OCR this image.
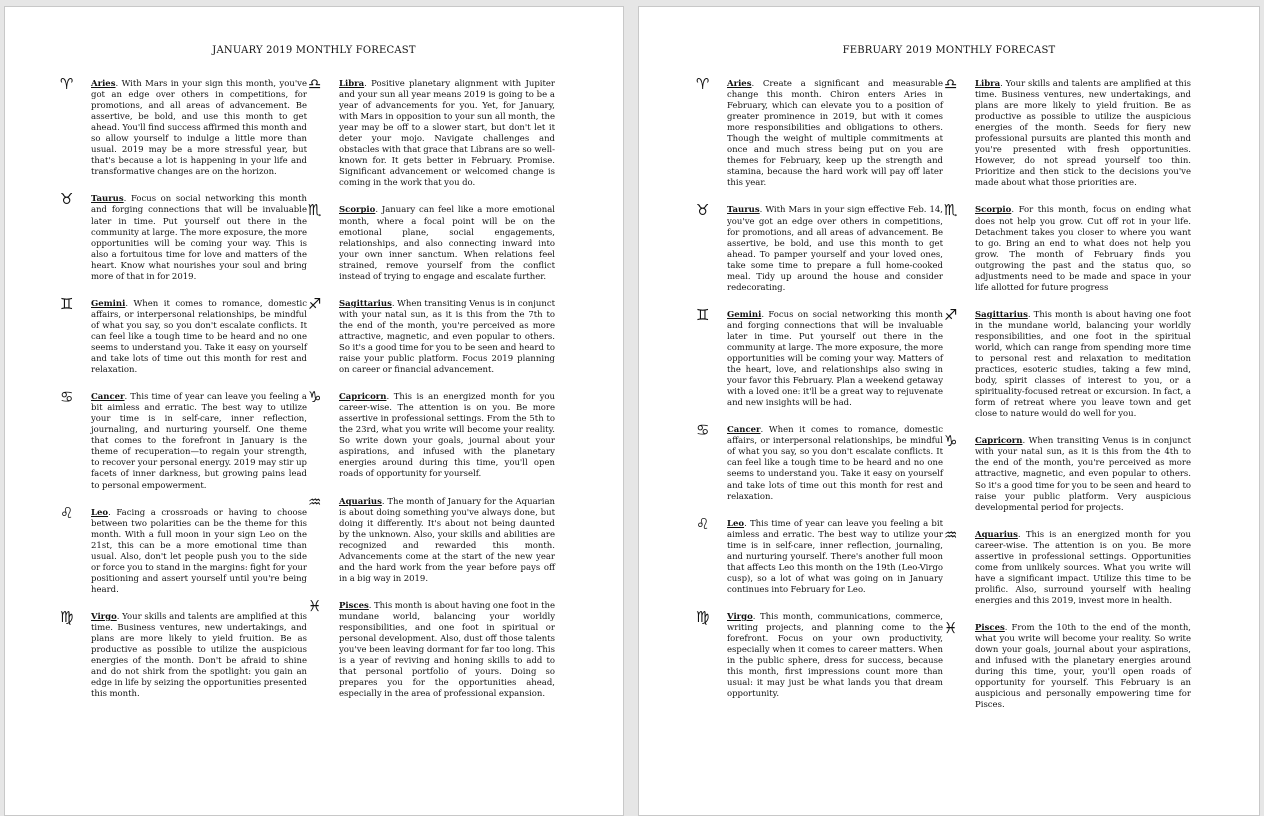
JANUARY 2019 MONTHLY FORECAST
♈︎ Aries. With Mars in your sign this month, you've got an edge over others in competitions, for promotions, and all areas of advancement. Be assertive, be bold, and use this month to get ahead. You'll find success affirmed this month and so allow yourself to indulge a little more than usual. 2019 may be a more stressful year, but that's because a lot is happening in your life and transformative changes are on the horizon.

♉︎ Taurus. Focus on social networking this month and forging connections that will be invaluable later in time. Put yourself out there in the community at large. The more exposure, the more opportunities will be coming your way. This is also a fortuitous time for love and matters of the heart. Know what nourishes your soul and bring more of that in for 2019.

♊︎ Gemini. When it comes to romance, domestic affairs, or interpersonal relationships, be mindful of what you say, so you don't escalate conflicts. It can feel like a tough time to be heard and no one seems to understand you. Take it easy on yourself and take lots of time out this month for rest and relaxation.

♋︎ Cancer. This time of year can leave you feeling a bit aimless and erratic. The best way to utilize your time is in self-care, inner reflection, journaling, and nurturing yourself. One theme that comes to the forefront in January is the theme of recuperation—to regain your strength, to recover your personal energy. 2019 may stir up facets of inner darkness, but growing pains lead to personal empowerment.

♌︎ Leo. Facing a crossroads or having to choose between two polarities can be the theme for this month. With a full moon in your sign Leo on the 21st, this can be a more emotional time than usual. Also, don't let people push you to the side or force you to stand in the margins: fight for your positioning and assert yourself until you're being heard.

♍︎ Virgo. Your skills and talents are amplified at this time. Business ventures, new undertakings, and plans are more likely to yield fruition. Be as productive as possible to utilize the auspicious energies of the month. Don't be afraid to shine and do not shirk from the spotlight: you gain an edge in life by seizing the opportunities presented this month.

♎︎ Libra. Positive planetary alignment with Jupiter and your sun all year means 2019 is going to be a year of advancements for you. Yet, for January, with Mars in opposition to your sun all month, the year may be off to a slower start, but don't let it deter your mojo. Navigate challenges and obstacles with that grace that Librans are so well-known for. It gets better in February. Promise. Significant advancement or welcomed change is coming in the work that you do.

♏︎ Scorpio. January can feel like a more emotional month, where a focal point will be on the emotional plane, social engagements, relationships, and also connecting inward into your own inner sanctum. When relations feel strained, remove yourself from the conflict instead of trying to engage and escalate further.

♐︎ Sagittarius. When transiting Venus is in conjunct with your natal sun, as it is this from the 7th to the end of the month, you're perceived as more attractive, magnetic, and even popular to others. So it's a good time for you to be seen and heard to raise your public platform. Focus 2019 planning on career or financial advancement.

♑︎ Capricorn. This is an energized month for you career-wise. The attention is on you. Be more assertive in professional settings. From the 5th to the 23rd, what you write will become your reality. So write down your goals, journal about your aspirations, and infused with the planetary energies around during this time, you'll open roads of opportunity for yourself.

♒︎ Aquarius. The month of January for the Aquarian is about doing something you've always done, but doing it differently. It's about not being daunted by the unknown. Also, your skills and abilities are recognized and rewarded this month. Advancements come at the start of the new year and the hard work from the year before pays off in a big way in 2019.

♓︎ Pisces. This month is about having one foot in the mundane world, balancing your worldly responsibilities, and one foot in spiritual or personal development. Also, dust off those talents you've been leaving dormant for far too long. This is a year of reviving and honing skills to add to that personal portfolio of yours. Doing so prepares you for the opportunities ahead, especially in the area of professional expansion.

FEBRUARY 2019 MONTHLY FORECAST
♈︎ Aries. Create a significant and measurable change this month. Chiron enters Aries in February, which can elevate you to a position of greater prominence in 2019, but with it comes more responsibilities and obligations to others. Though the weight of multiple commitments at once and much stress being put on you are themes for February, keep up the strength and stamina, because the hard work will pay off later this year.

♉︎ Taurus. With Mars in your sign effective Feb. 14, you've got an edge over others in competitions, for promotions, and all areas of advancement. Be assertive, be bold, and use this month to get ahead. To pamper yourself and your loved ones, take some time to prepare a full home-cooked meal. Tidy up around the house and consider redecorating.

♊︎ Gemini. Focus on social networking this month and forging connections that will be invaluable later in time. Put yourself out there in the community at large. The more exposure, the more opportunities will be coming your way. Matters of the heart, love, and relationships also swing in your favor this February. Plan a weekend getaway with a loved one: it'll be a great way to rejuvenate and new insights will be had.

♋︎ Cancer. When it comes to romance, domestic affairs, or interpersonal relationships, be mindful of what you say, so you don't escalate conflicts. It can feel like a tough time to be heard and no one seems to understand you. Take it easy on yourself and take lots of time out this month for rest and relaxation.

♌︎ Leo. This time of year can leave you feeling a bit aimless and erratic. The best way to utilize your time is in self-care, inner reflection, journaling, and nurturing yourself. There's another full moon that affects Leo this month on the 19th (Leo-Virgo cusp), so a lot of what was going on in January continues into February for Leo.

♍︎ Virgo. This month, communications, commerce, writing projects, and planning come to the forefront. Focus on your own productivity, especially when it comes to career matters. When in the public sphere, dress for success, because this month, first impressions count more than usual: it may just be what lands you that dream opportunity.

♎︎ Libra. Your skills and talents are amplified at this time. Business ventures, new undertakings, and plans are more likely to yield fruition. Be as productive as possible to utilize the auspicious energies of the month. Seeds for fiery new professional pursuits are planted this month and you're presented with fresh opportunities. However, do not spread yourself too thin. Prioritize and then stick to the decisions you've made about what those priorities are.

♏︎ Scorpio. For this month, focus on ending what does not help you grow. Cut off rot in your life. Detachment takes you closer to where you want to go. Bring an end to what does not help you grow. The month of February finds you outgrowing the past and the status quo, so adjustments need to be made and space in your life allotted for future progress

♐︎ Sagittarius. This month is about having one foot in the mundane world, balancing your worldly responsibilities, and one foot in the spiritual world, which can range from spending more time to personal rest and relaxation to meditation practices, esoteric studies, taking a few mind, body, spirit classes of interest to you, or a spirituality-focused retreat or excursion. In fact, a form of retreat where you leave town and get close to nature would do well for you.

♑︎ Capricorn. When transiting Venus is in conjunct with your natal sun, as it is this from the 4th to the end of the month, you're perceived as more attractive, magnetic, and even popular to others. So it's a good time for you to be seen and heard to raise your public platform. Very auspicious developmental period for projects.

♒︎ Aquarius. This is an energized month for you career-wise. The attention is on you. Be more assertive in professional settings. Opportunities come from unlikely sources. What you write will have a significant impact. Utilize this time to be prolific. Also, surround yourself with healing energies and this 2019, invest more in health.

♓︎ Pisces. From the 10th to the end of the month, what you write will become your reality. So write down your goals, journal about your aspirations, and infused with the planetary energies around during this time, your, you'll open roads of opportunity for yourself. This February is an auspicious and personally empowering time for Pisces.
